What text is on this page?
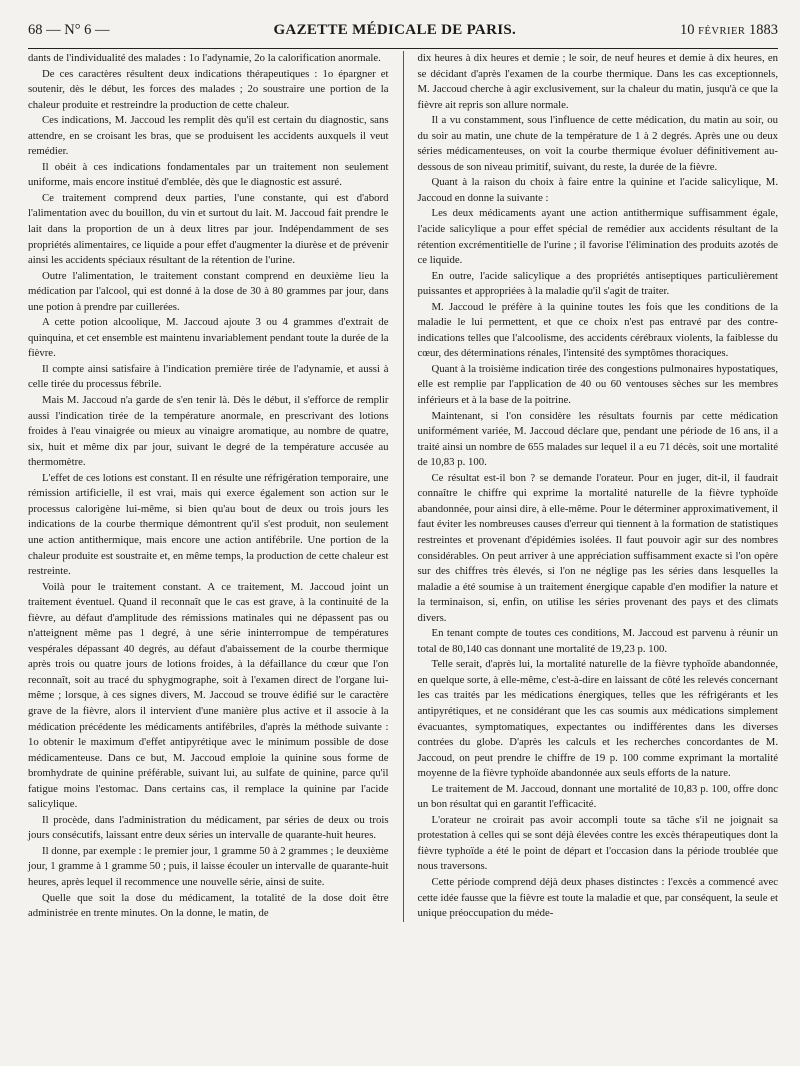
68 — N° 6 —	GAZETTE MÉDICALE DE PARIS.	10 FÉVRIER 1883

dants de l'individualité des malades : 1o l'adynamie, 2o la calorification anormale.

De ces caractères résultent deux indications thérapeutiques : 1o épargner et soutenir, dès le début, les forces des malades ; 2o soustraire une portion de la chaleur produite et restreindre la production de cette chaleur.

Ces indications, M. Jaccoud les remplit dès qu'il est certain du diagnostic, sans attendre, en se croisant les bras, que se produisent les accidents auxquels il veut remédier.

Il obéit à ces indications fondamentales par un traitement non seulement uniforme, mais encore institué d'emblée, dès que le diagnostic est assuré.

Ce traitement comprend deux parties, l'une constante, qui est d'abord l'alimentation avec du bouillon, du vin et surtout du lait. M. Jaccoud fait prendre le lait dans la proportion de un à deux litres par jour. Indépendamment de ses propriétés alimentaires, ce liquide a pour effet d'augmenter la diurèse et de prévenir ainsi les accidents spéciaux résultant de la rétention de l'urine.

Outre l'alimentation, le traitement constant comprend en deuxième lieu la médication par l'alcool, qui est donné à la dose de 30 à 80 grammes par jour, dans une potion à prendre par cuillerées.

A cette potion alcoolique, M. Jaccoud ajoute 3 ou 4 grammes d'extrait de quinquina, et cet ensemble est maintenu invariablement pendant toute la durée de la fièvre.

Il compte ainsi satisfaire à l'indication première tirée de l'adynamie, et aussi à celle tirée du processus fébrile.

Mais M. Jaccoud n'a garde de s'en tenir là. Dès le début, il s'efforce de remplir aussi l'indication tirée de la température anormale, en prescrivant des lotions froides à l'eau vinaigrée ou mieux au vinaigre aromatique, au nombre de quatre, six, huit et même dix par jour, suivant le degré de la température accusée au thermomètre.

L'effet de ces lotions est constant. Il en résulte une réfrigération temporaire, une rémission artificielle, il est vrai, mais qui exerce également son action sur le processus calorigène lui-même, si bien qu'au bout de deux ou trois jours les indications de la courbe thermique démontrent qu'il s'est produit, non seulement une action antithermique, mais encore une action antifébrile. Une portion de la chaleur produite est soustraite et, en même temps, la production de cette chaleur est restreinte.

Voilà pour le traitement constant. A ce traitement, M. Jaccoud joint un traitement éventuel. Quand il reconnaît que le cas est grave, à la continuité de la fièvre, au défaut d'amplitude des rémissions matinales qui ne dépassent pas ou n'atteignent même pas 1 degré, à une série ininterrompue de températures vespérales dépassant 40 degrés, au défaut d'abaissement de la courbe thermique après trois ou quatre jours de lotions froides, à la défaillance du cœur que l'on reconnaît, soit au tracé du sphygmographe, soit à l'examen direct de l'organe lui-même ; lorsque, à ces signes divers, M. Jaccoud se trouve édifié sur le caractère grave de la fièvre, alors il intervient d'une manière plus active et il associe à la médication précédente les médicaments antifébriles, d'après la méthode suivante : 1o obtenir le maximum d'effet antipyrétique avec le minimum possible de dose médicamenteuse. Dans ce but, M. Jaccoud emploie la quinine sous forme de bromhydrate de quinine préférable, suivant lui, au sulfate de quinine, parce qu'il fatigue moins l'estomac. Dans certains cas, il remplace la quinine par l'acide salicylique.

Il procède, dans l'administration du médicament, par séries de deux ou trois jours consécutifs, laissant entre deux séries un intervalle de quarante-huit heures.

Il donne, par exemple : le premier jour, 1 gramme 50 à 2 grammes ; le deuxième jour, 1 gramme à 1 gramme 50 ; puis, il laisse écouler un intervalle de quarante-huit heures, après lequel il recommence une nouvelle série, ainsi de suite.

Quelle que soit la dose du médicament, la totalité de la dose doit être administrée en trente minutes. On la donne, le matin, de

dix heures à dix heures et demie ; le soir, de neuf heures et demie à dix heures, en se décidant d'après l'examen de la courbe thermique. Dans les cas exceptionnels, M. Jaccoud cherche à agir exclusivement, sur la chaleur du matin, jusqu'à ce que la fièvre ait repris son allure normale.

Il a vu constamment, sous l'influence de cette médication, du matin au soir, ou du soir au matin, une chute de la température de 1 à 2 degrés. Après une ou deux séries médicamenteuses, on voit la courbe thermique évoluer définitivement au-dessous de son niveau primitif, suivant, du reste, la durée de la fièvre.

Quant à la raison du choix à faire entre la quinine et l'acide salicylique, M. Jaccoud en donne la suivante :

Les deux médicaments ayant une action antithermique suffisamment égale, l'acide salicylique a pour effet spécial de remédier aux accidents résultant de la rétention excrémentitielle de l'urine ; il favorise l'élimination des produits azotés de ce liquide.

En outre, l'acide salicylique a des propriétés antiseptiques particulièrement puissantes et appropriées à la maladie qu'il s'agit de traiter.

M. Jaccoud le préfère à la quinine toutes les fois que les conditions de la maladie le lui permettent, et que ce choix n'est pas entravé par des contre-indications telles que l'alcoolisme, des accidents cérébraux violents, la faiblesse du cœur, des déterminations rénales, l'intensité des symptômes thoraciques.

Quant à la troisième indication tirée des congestions pulmonaires hypostatiques, elle est remplie par l'application de 40 ou 60 ventouses sèches sur les membres inférieurs et à la base de la poitrine.

Maintenant, si l'on considère les résultats fournis par cette médication uniformément variée, M. Jaccoud déclare que, pendant une période de 16 ans, il a traité ainsi un nombre de 655 malades sur lequel il a eu 71 décès, soit une mortalité de 10,83 p. 100.

Ce résultat est-il bon ? se demande l'orateur. Pour en juger, dit-il, il faudrait connaître le chiffre qui exprime la mortalité naturelle de la fièvre typhoïde abandonnée, pour ainsi dire, à elle-même. Pour le déterminer approximativement, il faut éviter les nombreuses causes d'erreur qui tiennent à la formation de statistiques restreintes et provenant d'épidémies isolées. Il faut pouvoir agir sur des nombres considérables. On peut arriver à une appréciation suffisamment exacte si l'on opère sur des chiffres très élevés, si l'on ne néglige pas les séries dans lesquelles la maladie a été soumise à un traitement énergique capable d'en modifier la nature et la terminaison, si, enfin, on utilise les séries provenant des pays et des climats divers.

En tenant compte de toutes ces conditions, M. Jaccoud est parvenu à réunir un total de 80,140 cas donnant une mortalité de 19,23 p. 100.

Telle serait, d'après lui, la mortalité naturelle de la fièvre typhoïde abandonnée, en quelque sorte, à elle-même, c'est-à-dire en laissant de côté les relevés concernant les cas traités par les médications énergiques, telles que les réfrigérants et les antipyrétiques, et ne considérant que les cas soumis aux médications simplement évacuantes, symptomatiques, expectantes ou indifférentes dans les diverses contrées du globe. D'après les calculs et les recherches concordantes de M. Jaccoud, on peut prendre le chiffre de 19 p. 100 comme exprimant la mortalité moyenne de la fièvre typhoïde abandonnée aux seuls efforts de la nature.

Le traitement de M. Jaccoud, donnant une mortalité de 10,83 p. 100, offre donc un bon résultat qui en garantit l'efficacité.

L'orateur ne croirait pas avoir accompli toute sa tâche s'il ne joignait sa protestation à celles qui se sont déjà élevées contre les excès thérapeutiques dont la fièvre typhoïde a été le point de départ et l'occasion dans la période troublée que nous traversons.

Cette période comprend déjà deux phases distinctes : l'excès a commencé avec cette idée fausse que la fièvre est toute la maladie et que, par conséquent, la seule et unique préoccupation du méde-
